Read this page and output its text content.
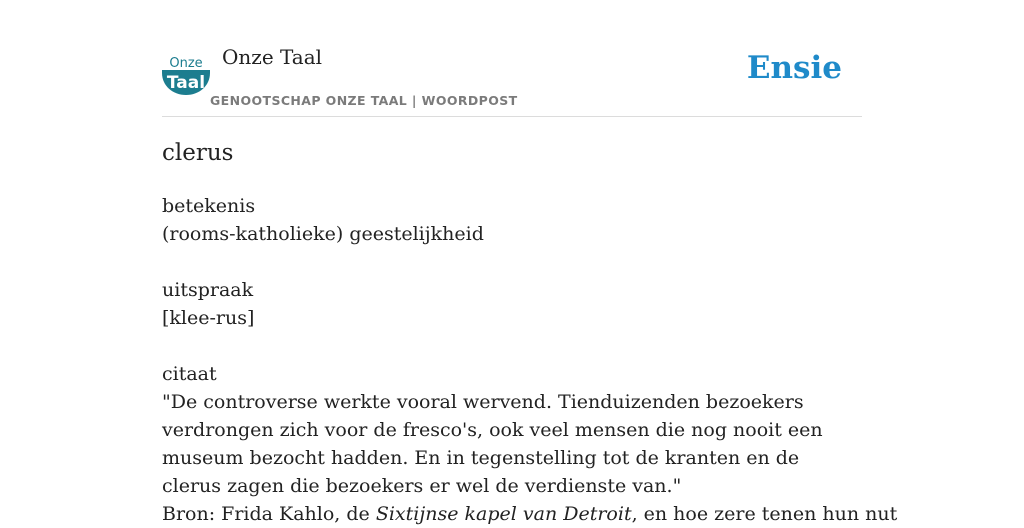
Onze
Taal
Onze Taal
GENOOTSCHAP ONZE TAAL | WOORDPOST
Ensie
clerus

betekenis

(rooms-katholieke) geestelijkheid

uitspraak

[klee-rus]

citaat

"De controverse werkte vooral wervend. Tienduizenden bezoekers verdrongen zich voor de fresco's, ook veel mensen die nog nooit een museum bezocht hadden. En in tegenstelling tot de kranten en de clerus zagen die bezoekers er wel de verdienste van."

Bron: Frida Kahlo, de Sixtijnse kapel van Detroit, en hoe zere tenen hun nut
